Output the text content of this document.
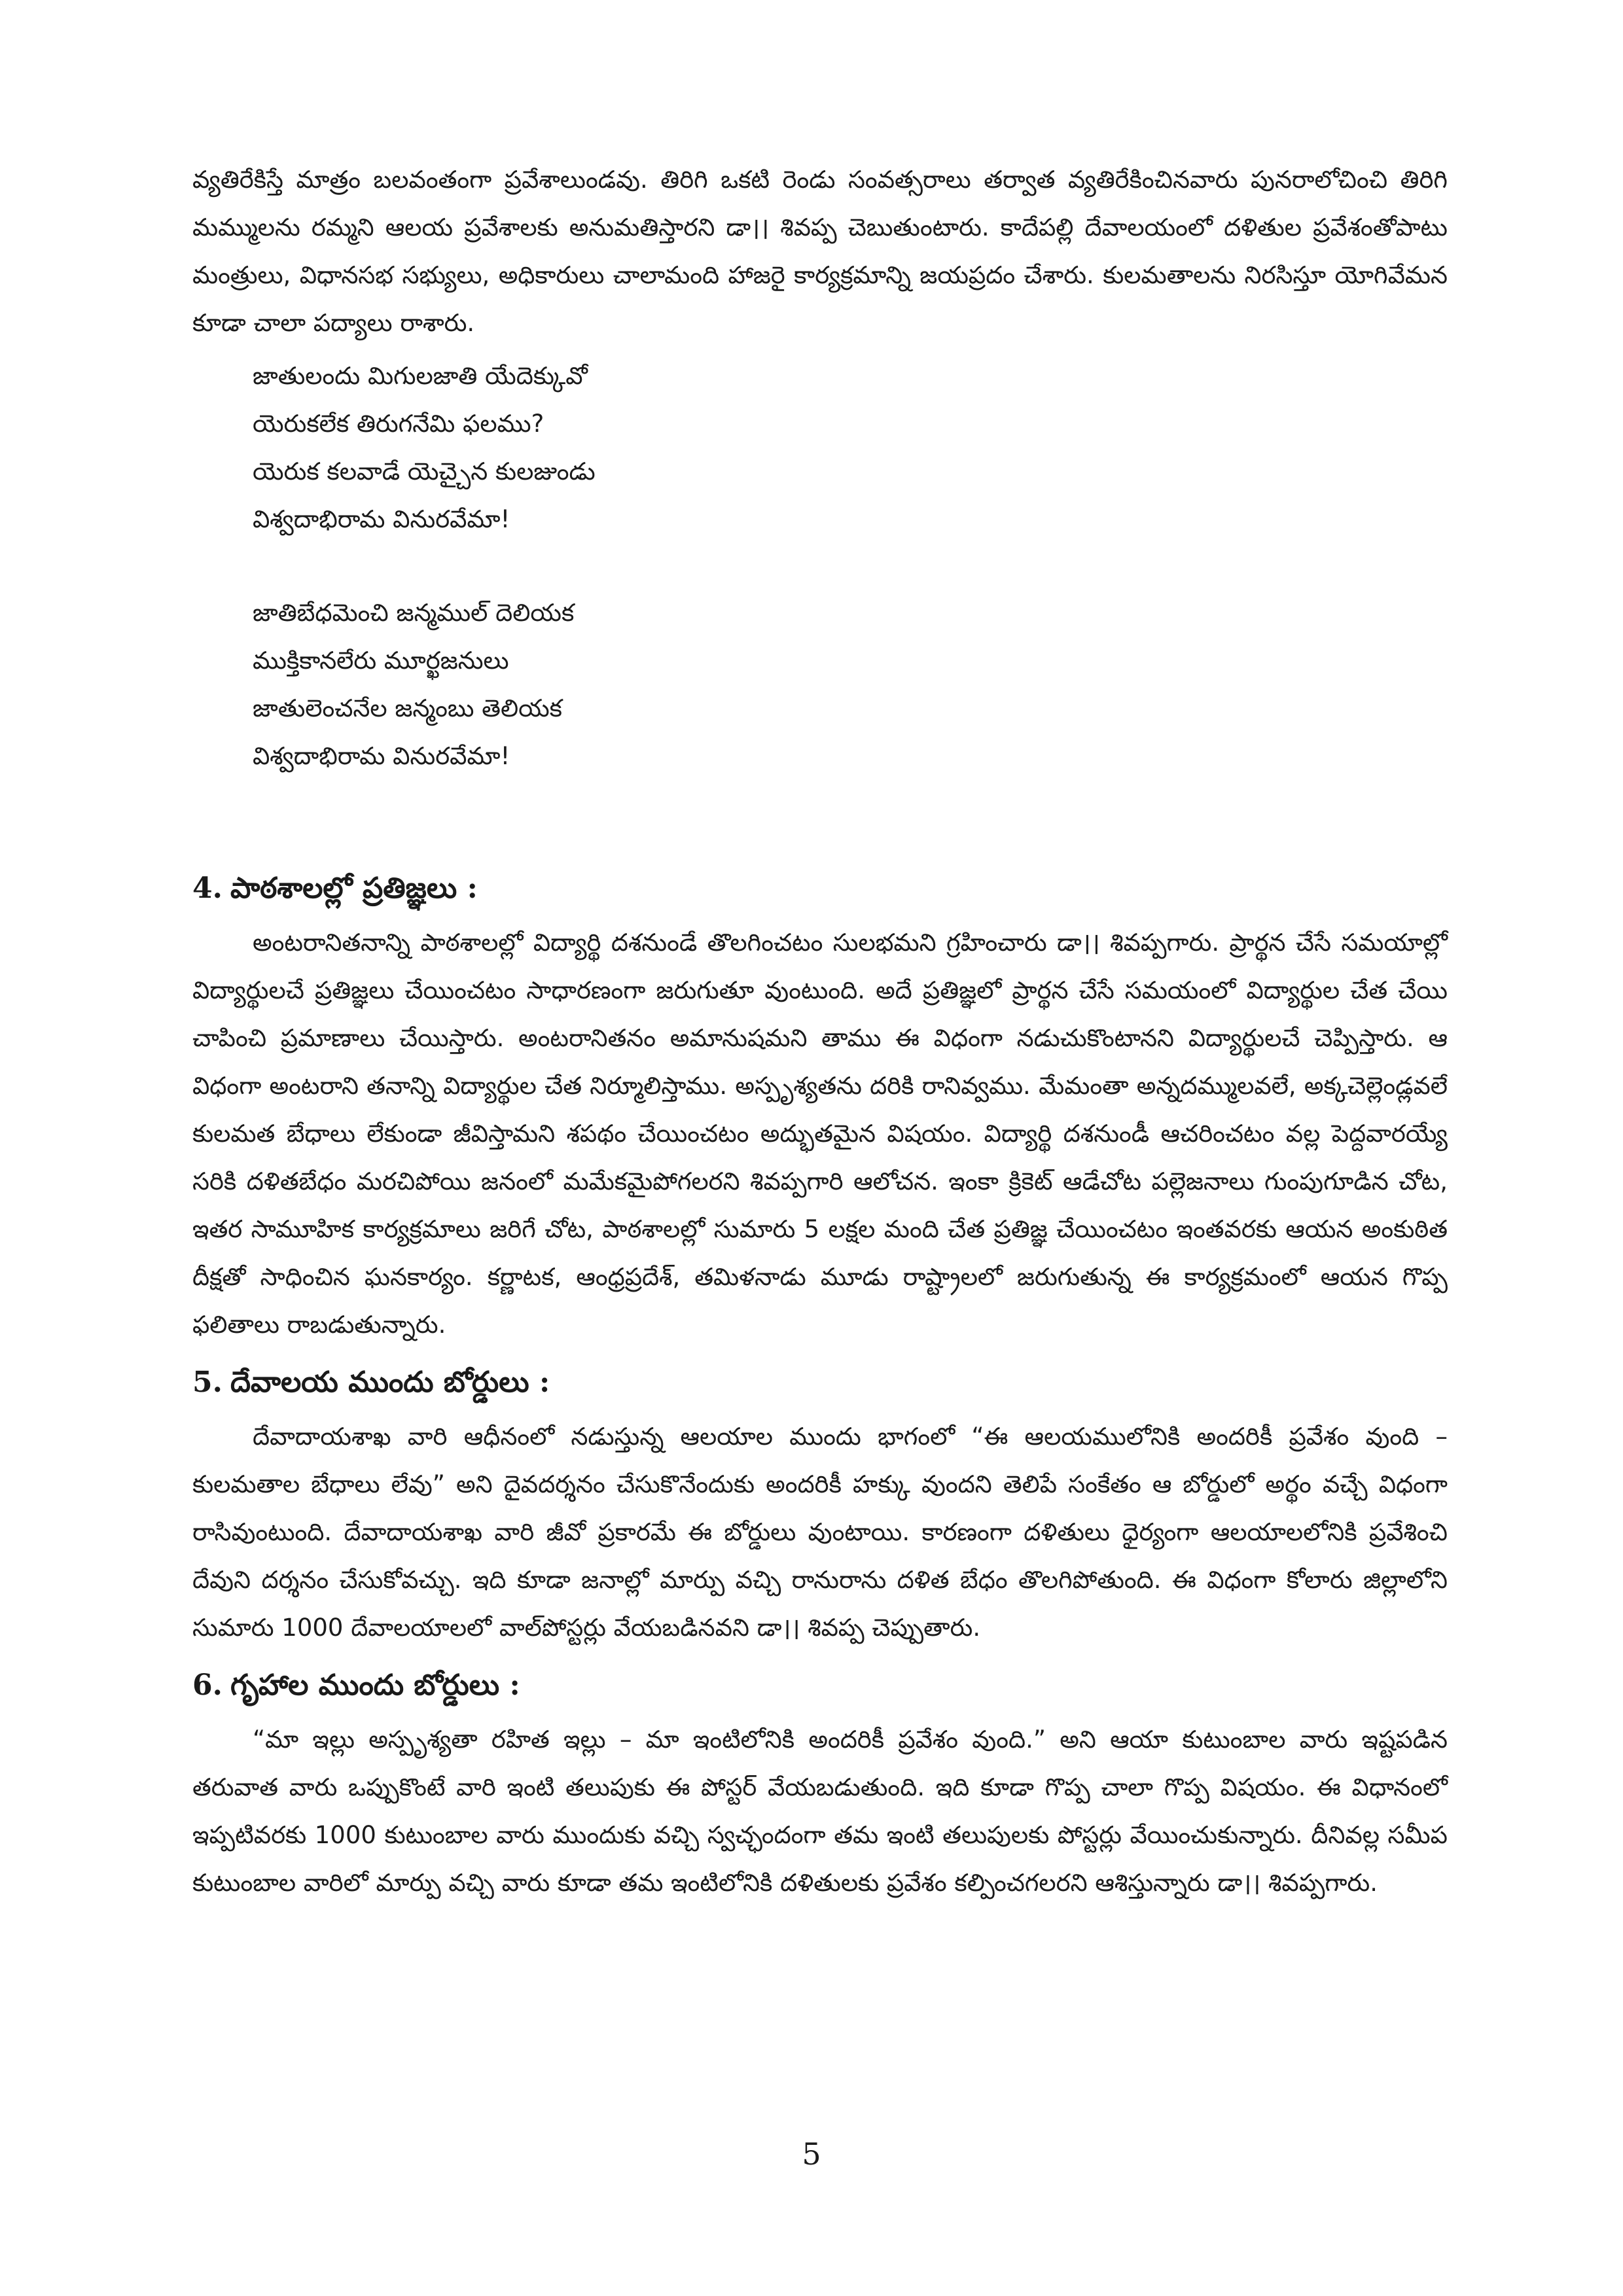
వ్యతిరేకిస్తే మాత్రం బలవంతంగా ప్రవేశాలుండవు. తిరిగి ఒకటి రెండు సంవత్సరాలు తర్వాత వ్యతిరేకించినవారు పునరాలోచించి తిరిగి మమ్ములను రమ్మని ఆలయ ప్రవేశాలకు అనుమతిస్తారని డా।। శివప్ప చెబుతుంటారు. కాదేపల్లి దేవాలయంలో దళితుల ప్రవేశంతోపాటు మంత్రులు, విధానసభ సభ్యులు, అధికారులు చాలామంది హాజరై కార్యక్రమాన్ని జయప్రదం చేశారు. కులమతాలను నిరసిస్తూ యోగివేమన కూడా చాలా పద్యాలు రాశారు.

జాతులందు మిగులజాతి యేదెక్కువో
యెరుకలేక తిరుగనేమి ఫలము?
యెరుక కలవాడే యెచ్చైన కులజుండు
విశ్వదాభిరామ వినురవేమా!
జాతిబేధమెంచి జన్మముల్ దెలియక
ముక్తికానలేరు మూర్ఖజనులు
జాతులెంచనేల జన్మంబు తెలియక
విశ్వదాభిరామ వినురవేమా!
4. పాఠశాలల్లో ప్రతిజ్ఞలు :

అంటరానితనాన్ని పాఠశాలల్లో విద్యార్థి దశనుండే తొలగించటం సులభమని గ్రహించారు డా।। శివప్పగారు. ప్రార్థన చేసే సమయాల్లో విద్యార్థులచే ప్రతిజ్ఞలు చేయించటం సాధారణంగా జరుగుతూ వుంటుంది. అదే ప్రతిజ్ఞలో ప్రార్థన చేసే సమయంలో విద్యార్థుల చేత చేయి చాపించి ప్రమాణాలు చేయిస్తారు. అంటరానితనం అమానుషమని తాము ఈ విధంగా నడుచుకొంటానని విద్యార్థులచే చెప్పిస్తారు. ఆ విధంగా అంటరాని తనాన్ని విద్యార్థుల చేత నిర్మూలిస్తాము. అస్పృశ్యతను దరికి రానివ్వము. మేమంతా అన్నదమ్ములవలే, అక్కచెల్లెండ్లవలే కులమత బేధాలు లేకుండా జీవిస్తామని శపథం చేయించటం అద్భుతమైన విషయం. విద్యార్థి దశనుండీ ఆచరించటం వల్ల పెద్దవారయ్యే సరికి దళితబేధం మరచిపోయి జనంలో మమేకమైపోగలరని శివప్పగారి ఆలోచన. ఇంకా క్రికెట్ ఆడేచోట పల్లెజనాలు గుంపుగూడిన చోట, ఇతర సామూహిక కార్యక్రమాలు జరిగే చోట, పాఠశాలల్లో సుమారు 5 లక్షల మంది చేత ప్రతిజ్ఞ చేయించటం ఇంతవరకు ఆయన అంకుఠిత దీక్షతో సాధించిన ఘనకార్యం. కర్ణాటక, ఆంధ్రప్రదేశ్, తమిళనాడు మూడు రాష్ట్రాలలో జరుగుతున్న ఈ కార్యక్రమంలో ఆయన గొప్ప ఫలితాలు రాబడుతున్నారు.

5. దేవాలయ ముందు బోర్డులు :

దేవాదాయశాఖ వారి ఆధీనంలో నడుస్తున్న ఆలయాల ముందు భాగంలో “ఈ ఆలయములోనికి అందరికీ ప్రవేశం వుంది – కులమతాల బేధాలు లేవు” అని దైవదర్శనం చేసుకొనేందుకు అందరికీ హక్కు వుందని తెలిపే సంకేతం ఆ బోర్డులో అర్థం వచ్చే విధంగా రాసివుంటుంది. దేవాదాయశాఖ వారి జీవో ప్రకారమే ఈ బోర్డులు వుంటాయి. కారణంగా దళితులు ధైర్యంగా ఆలయాలలోనికి ప్రవేశించి దేవుని దర్శనం చేసుకోవచ్చు. ఇది కూడా జనాల్లో మార్పు వచ్చి రానురాను దళిత బేధం తొలగిపోతుంది. ఈ విధంగా కోలారు జిల్లాలోని సుమారు 1000 దేవాలయాలలో వాల్‌పోస్టర్లు వేయబడినవని డా।। శివప్ప చెప్పుతారు.

6. గృహాల ముందు బోర్డులు :

“మా ఇల్లు అస్పృశ్యతా రహిత ఇల్లు – మా ఇంటిలోనికి అందరికీ ప్రవేశం వుంది.” అని ఆయా కుటుంబాల వారు ఇష్టపడిన తరువాత వారు ఒప్పుకొంటే వారి ఇంటి తలుపుకు ఈ పోస్టర్ వేయబడుతుంది. ఇది కూడా గొప్ప చాలా గొప్ప విషయం. ఈ విధానంలో ఇప్పటివరకు 1000 కుటుంబాల వారు ముందుకు వచ్చి స్వచ్ఛందంగా తమ ఇంటి తలుపులకు పోస్టర్లు వేయించుకున్నారు. దీనివల్ల సమీప కుటుంబాల వారిలో మార్పు వచ్చి వారు కూడా తమ ఇంటిలోనికి దళితులకు ప్రవేశం కల్పించగలరని ఆశిస్తున్నారు డా।। శివప్పగారు.

5
